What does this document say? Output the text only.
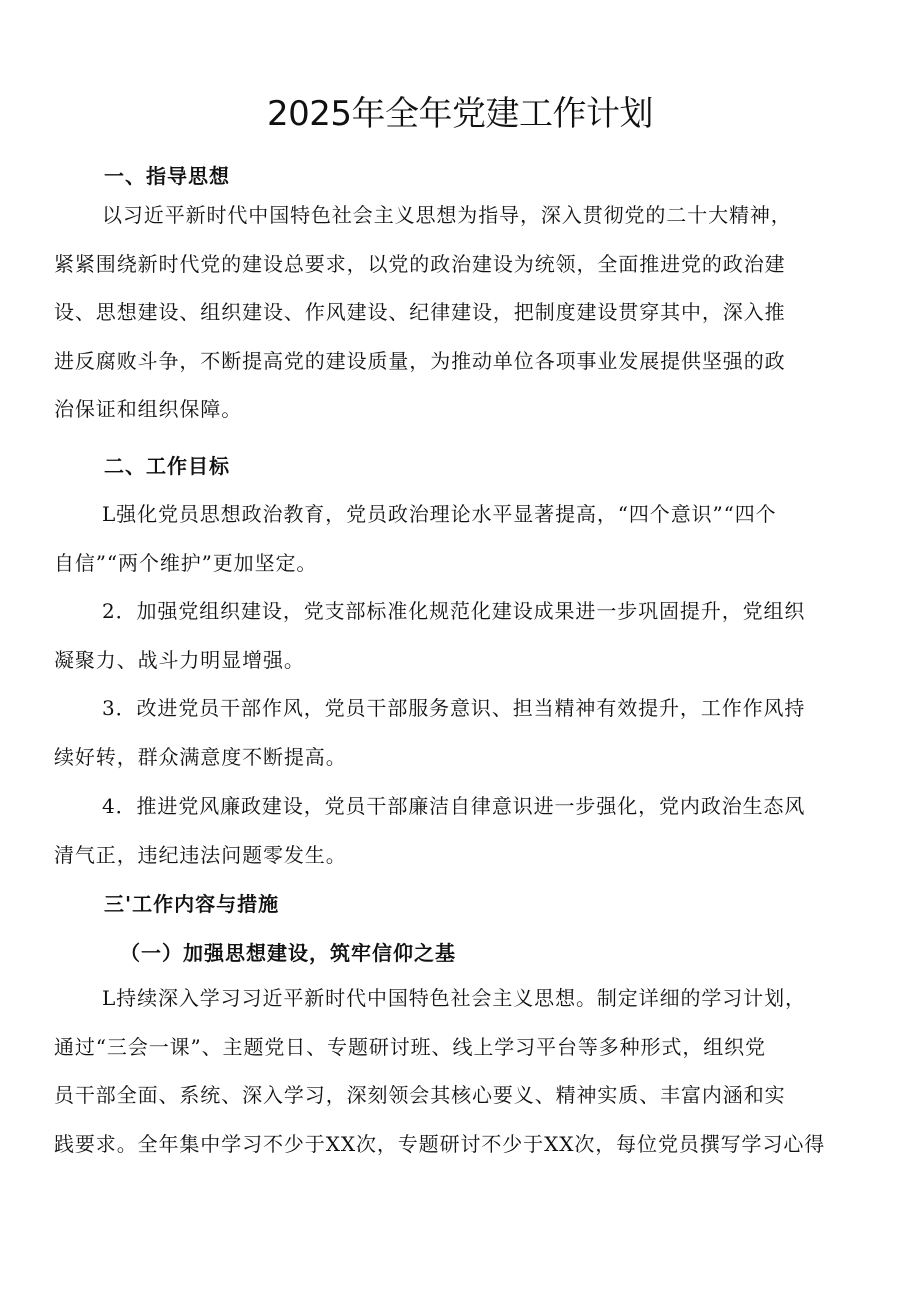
2025年全年党建工作计划
一、指导思想
以习近平新时代中国特色社会主义思想为指导，深入贯彻党的二十大精神，
紧紧围绕新时代党的建设总要求，以党的政治建设为统领，全面推进党的政治建
设、思想建设、组织建设、作风建设、纪律建设，把制度建设贯穿其中，深入推
进反腐败斗争，不断提高党的建设质量，为推动单位各项事业发展提供坚强的政
治保证和组织保障。
二、工作目标
L强化党员思想政治教育，党员政治理论水平显著提高，“四个意识”“四个
自信”“两个维护”更加坚定。
2．加强党组织建设，党支部标准化规范化建设成果进一步巩固提升，党组织
凝聚力、战斗力明显增强。
3．改进党员干部作风，党员干部服务意识、担当精神有效提升，工作作风持
续好转，群众满意度不断提高。
4．推进党风廉政建设，党员干部廉洁自律意识进一步强化，党内政治生态风
清气正，违纪违法问题零发生。
三'工作内容与措施
（一）加强思想建设，筑牢信仰之基
L持续深入学习习近平新时代中国特色社会主义思想。制定详细的学习计划，
通过“三会一课”、主题党日、专题研讨班、线上学习平台等多种形式，组织党
员干部全面、系统、深入学习，深刻领会其核心要义、精神实质、丰富内涵和实
践要求。全年集中学习不少于XX次，专题研讨不少于XX次，每位党员撰写学习心得
